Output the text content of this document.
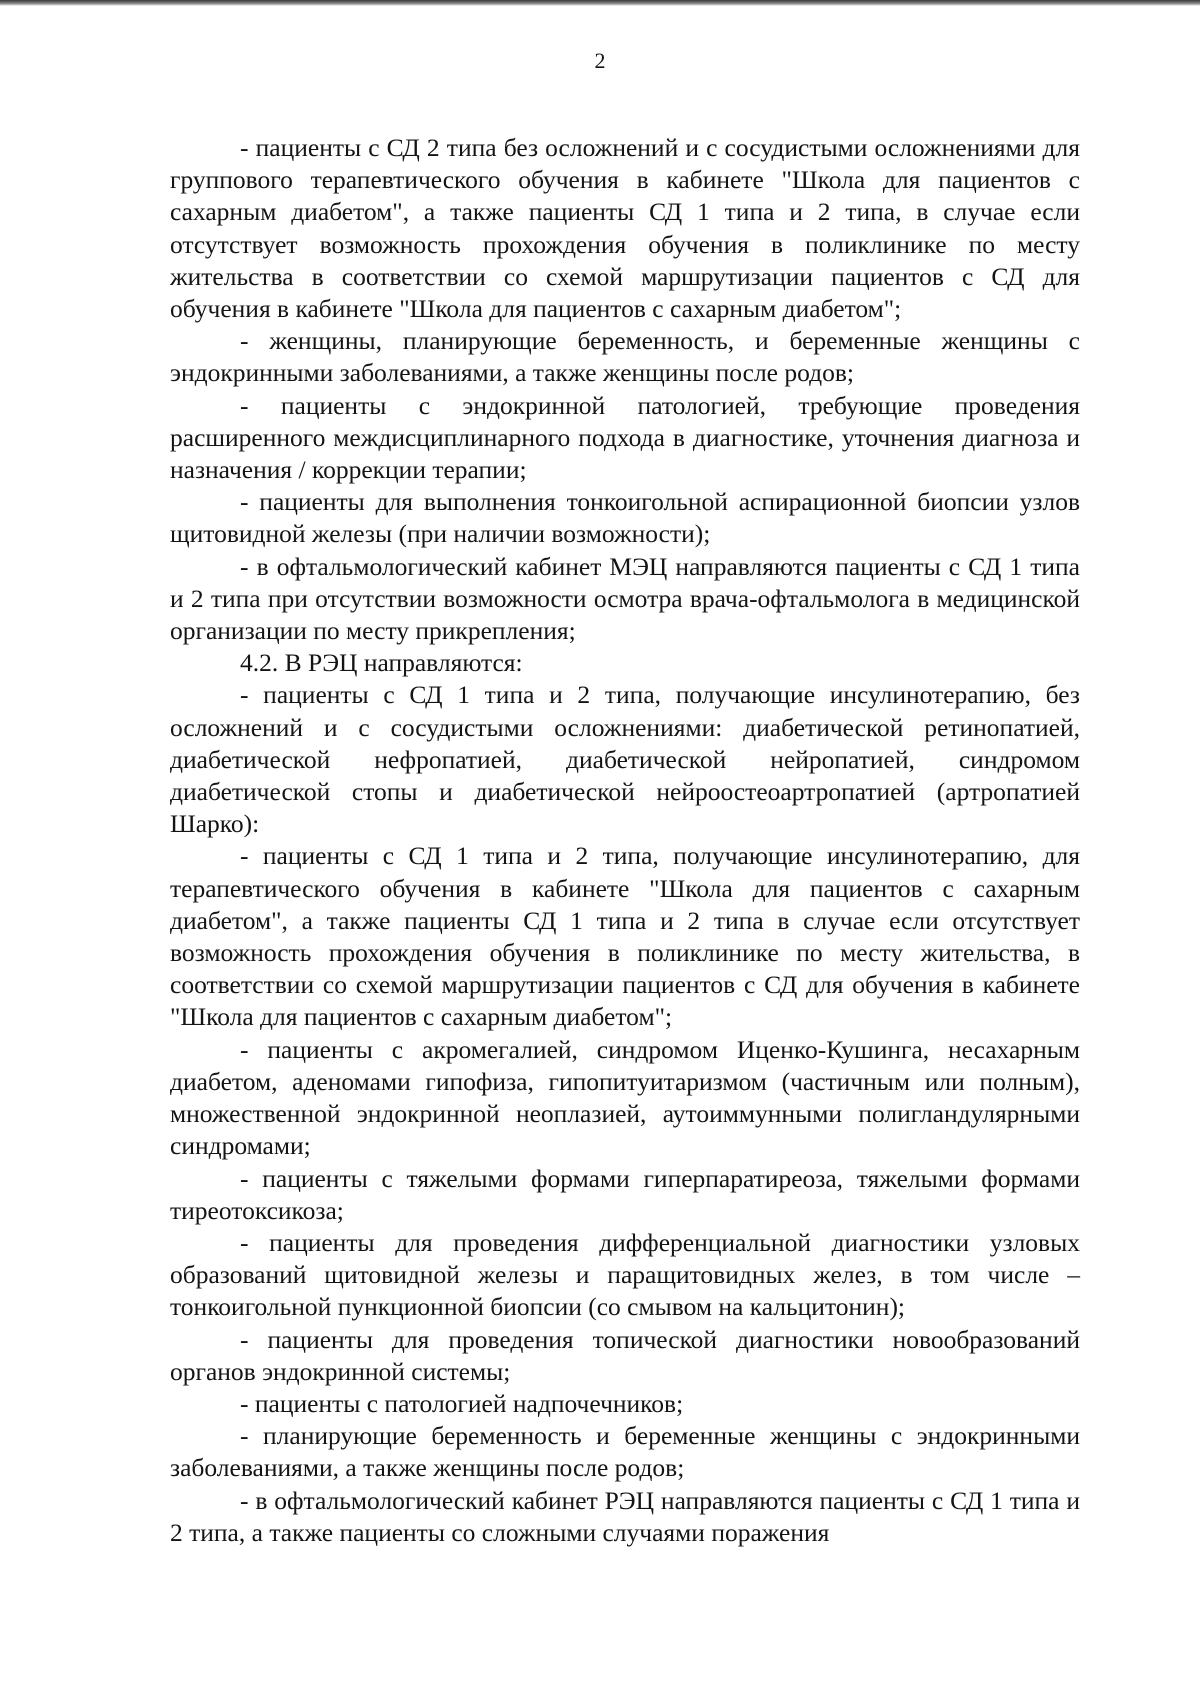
2

- пациенты с СД 2 типа без осложнений и с сосудистыми осложнениями для группового терапевтического обучения в кабинете "Школа для пациентов с сахарным диабетом", а также пациенты СД 1 типа и 2 типа, в случае если отсутствует возможность прохождения обучения в поликлинике по месту жительства в соответствии со схемой маршрутизации пациентов с СД для обучения в кабинете "Школа для пациентов с сахарным диабетом";

- женщины, планирующие беременность, и беременные женщины с эндокринными заболеваниями, а также женщины после родов;

- пациенты с эндокринной патологией, требующие проведения расширенного междисциплинарного подхода в диагностике, уточнения диагноза и назначения / коррекции терапии;

- пациенты для выполнения тонкоигольной аспирационной биопсии узлов щитовидной железы (при наличии возможности);

- в офтальмологический кабинет МЭЦ направляются пациенты с СД 1 типа и 2 типа при отсутствии возможности осмотра врача-офтальмолога в медицинской организации по месту прикрепления;

4.2. В РЭЦ направляются:

- пациенты с СД 1 типа и 2 типа, получающие инсулинотерапию, без осложнений и с сосудистыми осложнениями: диабетической ретинопатией, диабетической нефропатией, диабетической нейропатией, синдромом диабетической стопы и диабетической нейроостеоартропатией (артропатией Шарко):

- пациенты с СД 1 типа и 2 типа, получающие инсулинотерапию, для терапевтического обучения в кабинете "Школа для пациентов с сахарным диабетом", а также пациенты СД 1 типа и 2 типа в случае если отсутствует возможность прохождения обучения в поликлинике по месту жительства, в соответствии со схемой маршрутизации пациентов с СД для обучения в кабинете "Школа для пациентов с сахарным диабетом";

- пациенты с акромегалией, синдромом Иценко-Кушинга, несахарным диабетом, аденомами гипофиза, гипопитуитаризмом (частичным или полным), множественной эндокринной неоплазией, аутоиммунными полигландулярными синдромами;

- пациенты с тяжелыми формами гиперпаратиреоза, тяжелыми формами тиреотоксикоза;

- пациенты для проведения дифференциальной диагностики узловых образований щитовидной железы и паращитовидных желез, в том числе – тонкоигольной пункционной биопсии (со смывом на кальцитонин);

- пациенты для проведения топической диагностики новообразований органов эндокринной системы;

- пациенты с патологией надпочечников;

- планирующие беременность и беременные женщины с эндокринными заболеваниями, а также женщины после родов;

- в офтальмологический кабинет РЭЦ направляются пациенты с СД 1 типа и 2 типа, а также пациенты со сложными случаями поражения
